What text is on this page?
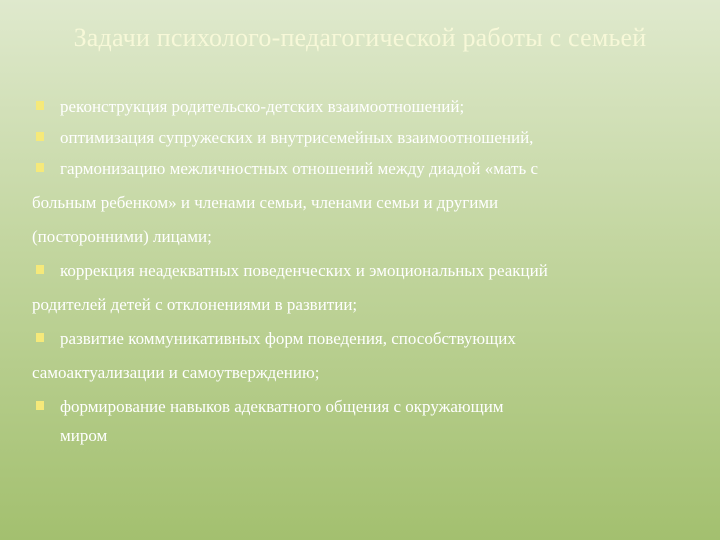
Задачи психолого-педагогической работы с семьей
реконструкция родительско-детских взаимоотношений;
оптимизация супружеских и внутрисемейных взаимоотношений,
гармонизацию межличностных отношений между диадой «мать с
больным ребенком» и членами семьи, членами семьи и другими
(посторонними) лицами;
коррекция неадекватных поведенческих и эмоциональных реакций
родителей детей с отклонениями в развитии;
развитие коммуникативных форм поведения, способствующих
самоактуализации и самоутверждению;
формирование навыков адекватного общения с окружающим
миром
